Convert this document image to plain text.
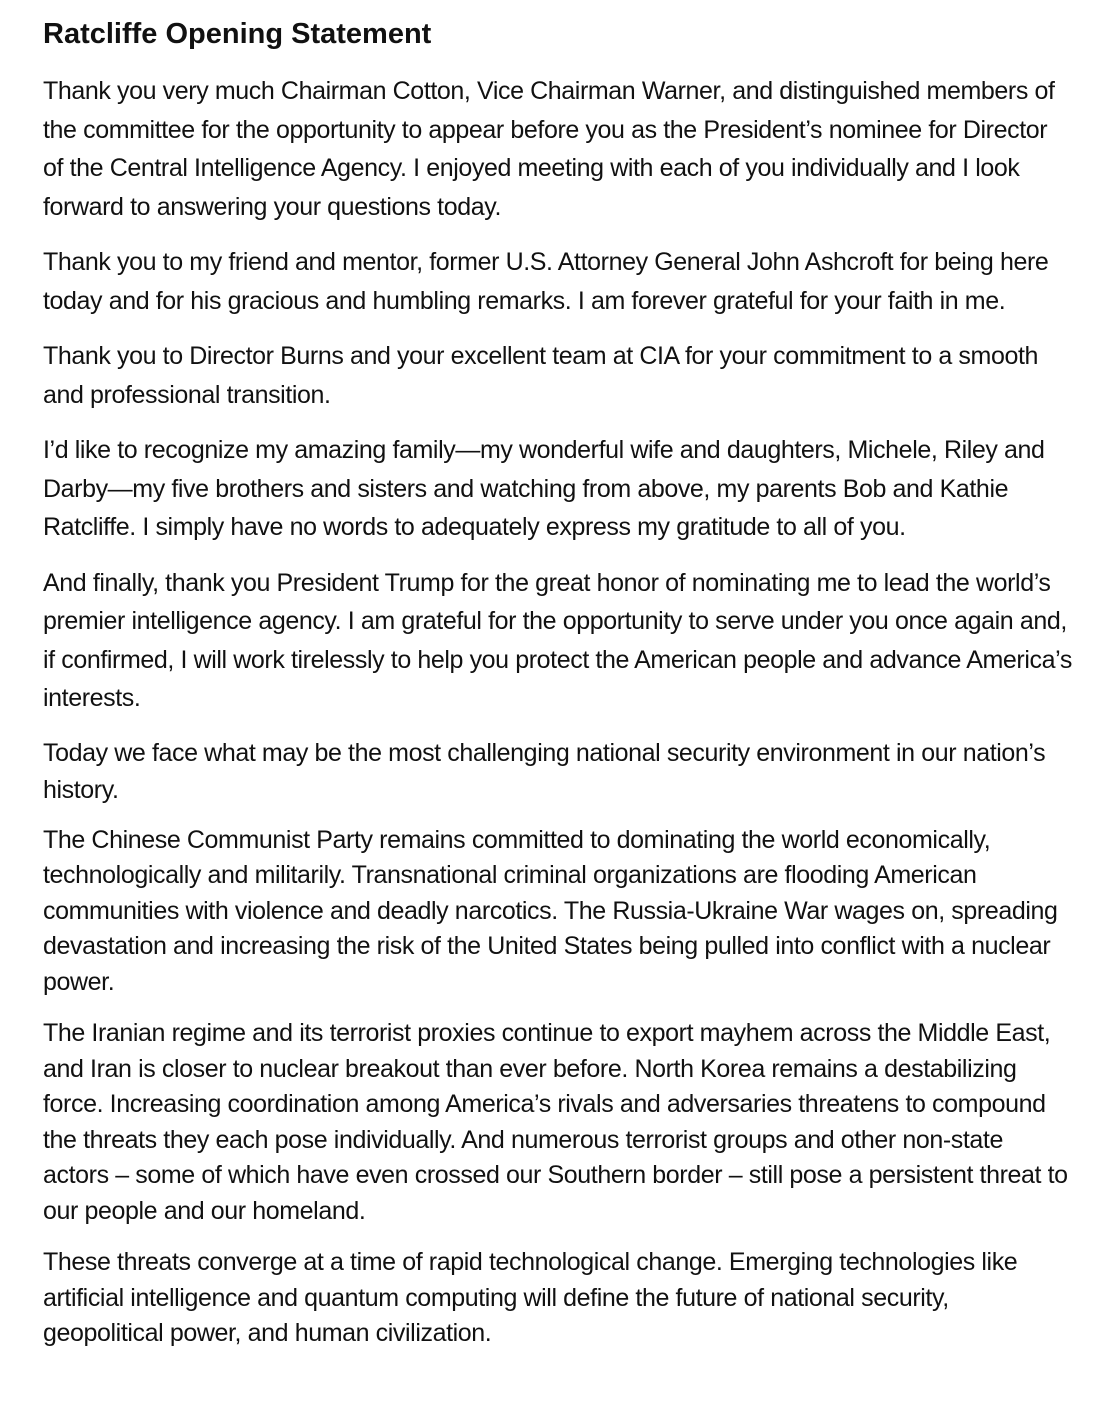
Ratcliffe Opening Statement

Thank you very much Chairman Cotton, Vice Chairman Warner, and distinguished members of the committee for the opportunity to appear before you as the President’s nominee for Director of the Central Intelligence Agency. I enjoyed meeting with each of you individually and I look forward to answering your questions today.

Thank you to my friend and mentor, former U.S. Attorney General John Ashcroft for being here today and for his gracious and humbling remarks. I am forever grateful for your faith in me.

Thank you to Director Burns and your excellent team at CIA for your commitment to a smooth and professional transition.

I’d like to recognize my amazing family—my wonderful wife and daughters, Michele, Riley and Darby—my five brothers and sisters and watching from above, my parents Bob and Kathie Ratcliffe. I simply have no words to adequately express my gratitude to all of you.

And finally, thank you President Trump for the great honor of nominating me to lead the world’s premier intelligence agency. I am grateful for the opportunity to serve under you once again and, if confirmed, I will work tirelessly to help you protect the American people and advance America’s interests.

Today we face what may be the most challenging national security environment in our nation’s history.

The Chinese Communist Party remains committed to dominating the world economically, technologically and militarily. Transnational criminal organizations are flooding American communities with violence and deadly narcotics. The Russia-Ukraine War wages on, spreading devastation and increasing the risk of the United States being pulled into conflict with a nuclear power.

The Iranian regime and its terrorist proxies continue to export mayhem across the Middle East, and Iran is closer to nuclear breakout than ever before. North Korea remains a destabilizing force. Increasing coordination among America’s rivals and adversaries threatens to compound the threats they each pose individually. And numerous terrorist groups and other non-state actors – some of which have even crossed our Southern border – still pose a persistent threat to our people and our homeland.

These threats converge at a time of rapid technological change. Emerging technologies like artificial intelligence and quantum computing will define the future of national security, geopolitical power, and human civilization.
